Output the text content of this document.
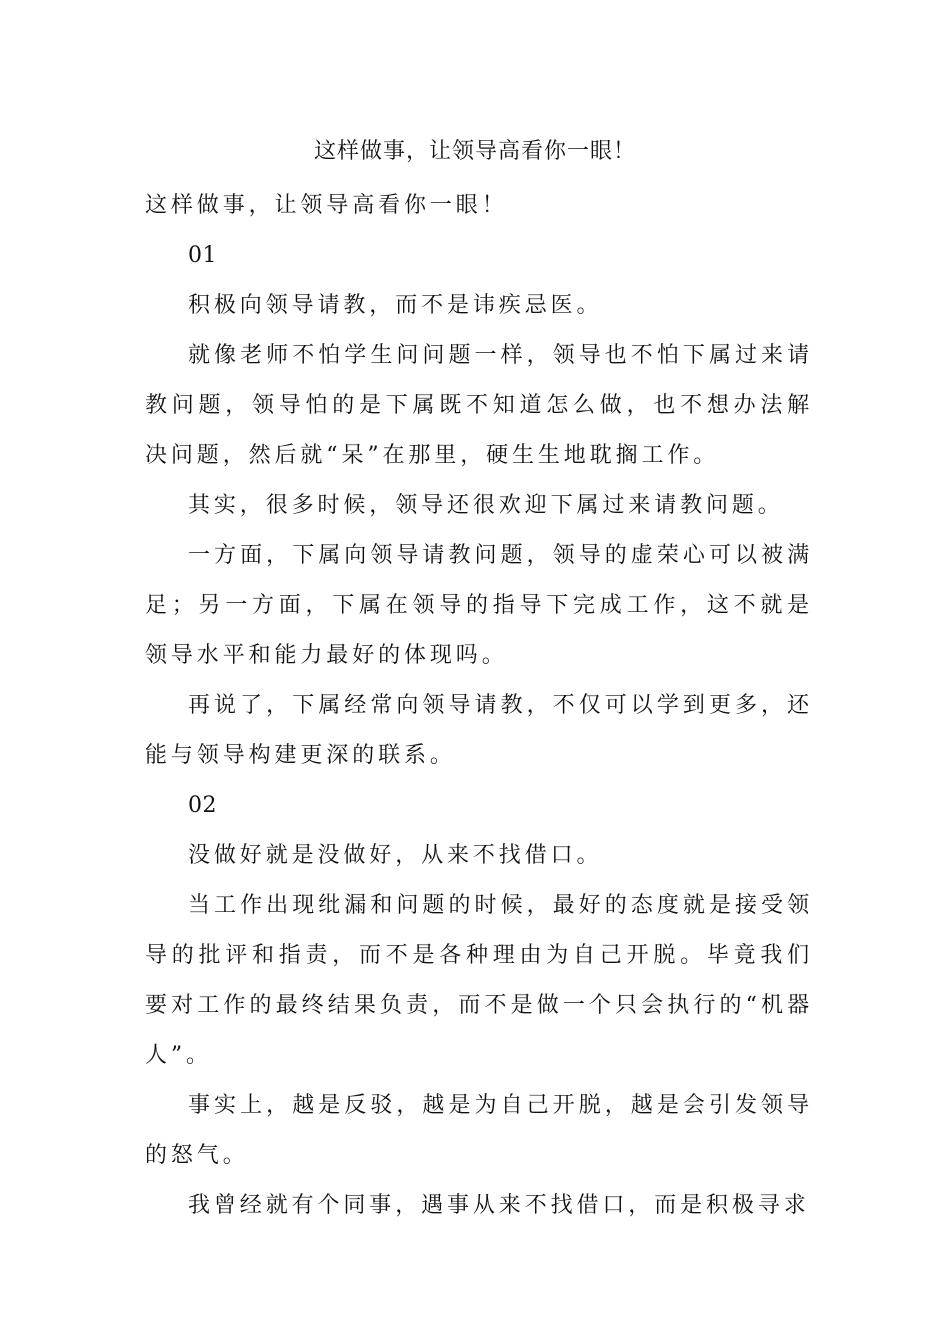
这样做事，让领导高看你一眼！

这样做事，让领导高看你一眼！

01

积极向领导请教，而不是讳疾忌医。

就像老师不怕学生问问题一样，领导也不怕下属过来请教问题，领导怕的是下属既不知道怎么做，也不想办法解决问题，然后就“呆”在那里，硬生生地耽搁工作。

其实，很多时候，领导还很欢迎下属过来请教问题。

一方面，下属向领导请教问题，领导的虚荣心可以被满足；另一方面，下属在领导的指导下完成工作，这不就是领导水平和能力最好的体现吗。

再说了，下属经常向领导请教，不仅可以学到更多，还能与领导构建更深的联系。

02

没做好就是没做好，从来不找借口。

当工作出现纰漏和问题的时候，最好的态度就是接受领导的批评和指责，而不是各种理由为自己开脱。毕竟我们要对工作的最终结果负责，而不是做一个只会执行的“机器人”。

事实上，越是反驳，越是为自己开脱，越是会引发领导的怒气。

我曾经就有个同事，遇事从来不找借口，而是积极寻求
